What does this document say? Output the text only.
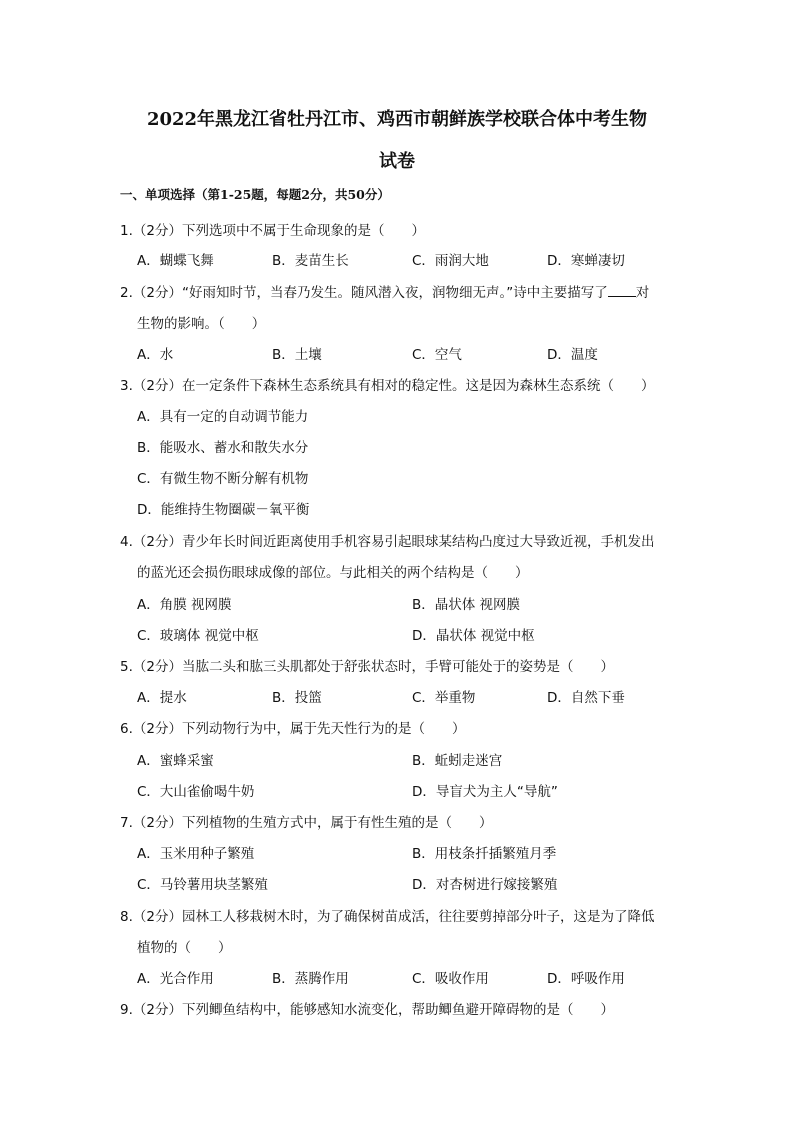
2022年黑龙江省牡丹江市、鸡西市朝鲜族学校联合体中考生物
试卷
一、单项选择（第1-25题，每题2分，共50分）
1.（2分）下列选项中不属于生命现象的是（　　）
A．蝴蝶飞舞	B．麦苗生长	C．雨润大地	D．寒蝉凄切
2.（2分）“好雨知时节，当春乃发生。随风潜入夜，润物细无声。”诗中主要描写了 对
生物的影响。（　　）
A．水	B．土壤	C．空气	D．温度
3.（2分）在一定条件下森林生态系统具有相对的稳定性。这是因为森林生态系统（　　）
A．具有一定的自动调节能力
B．能吸水、蓄水和散失水分
C．有微生物不断分解有机物
D．能维持生物圈碳－氧平衡
4.（2分）青少年长时间近距离使用手机容易引起眼球某结构凸度过大导致近视，手机发出
的蓝光还会损伤眼球成像的部位。与此相关的两个结构是（　　）
A．角膜 视网膜	B．晶状体 视网膜
C．玻璃体 视觉中枢	D．晶状体 视觉中枢
5.（2分）当肱二头和肱三头肌都处于舒张状态时，手臂可能处于的姿势是（　　）
A．提水	B．投篮	C．举重物	D．自然下垂
6.（2分）下列动物行为中，属于先天性行为的是（　　）
A．蜜蜂采蜜	B．蚯蚓走迷宫
C．大山雀偷喝牛奶	D．导盲犬为主人“导航”
7.（2分）下列植物的生殖方式中，属于有性生殖的是（　　）
A．玉米用种子繁殖	B．用枝条扦插繁殖月季
C．马铃薯用块茎繁殖	D．对杏树进行嫁接繁殖
8.（2分）园林工人移栽树木时，为了确保树苗成活，往往要剪掉部分叶子，这是为了降低
植物的（　　）
A．光合作用	B．蒸腾作用	C．吸收作用	D．呼吸作用
9.（2分）下列鲫鱼结构中，能够感知水流变化，帮助鲫鱼避开障碍物的是（　　）
